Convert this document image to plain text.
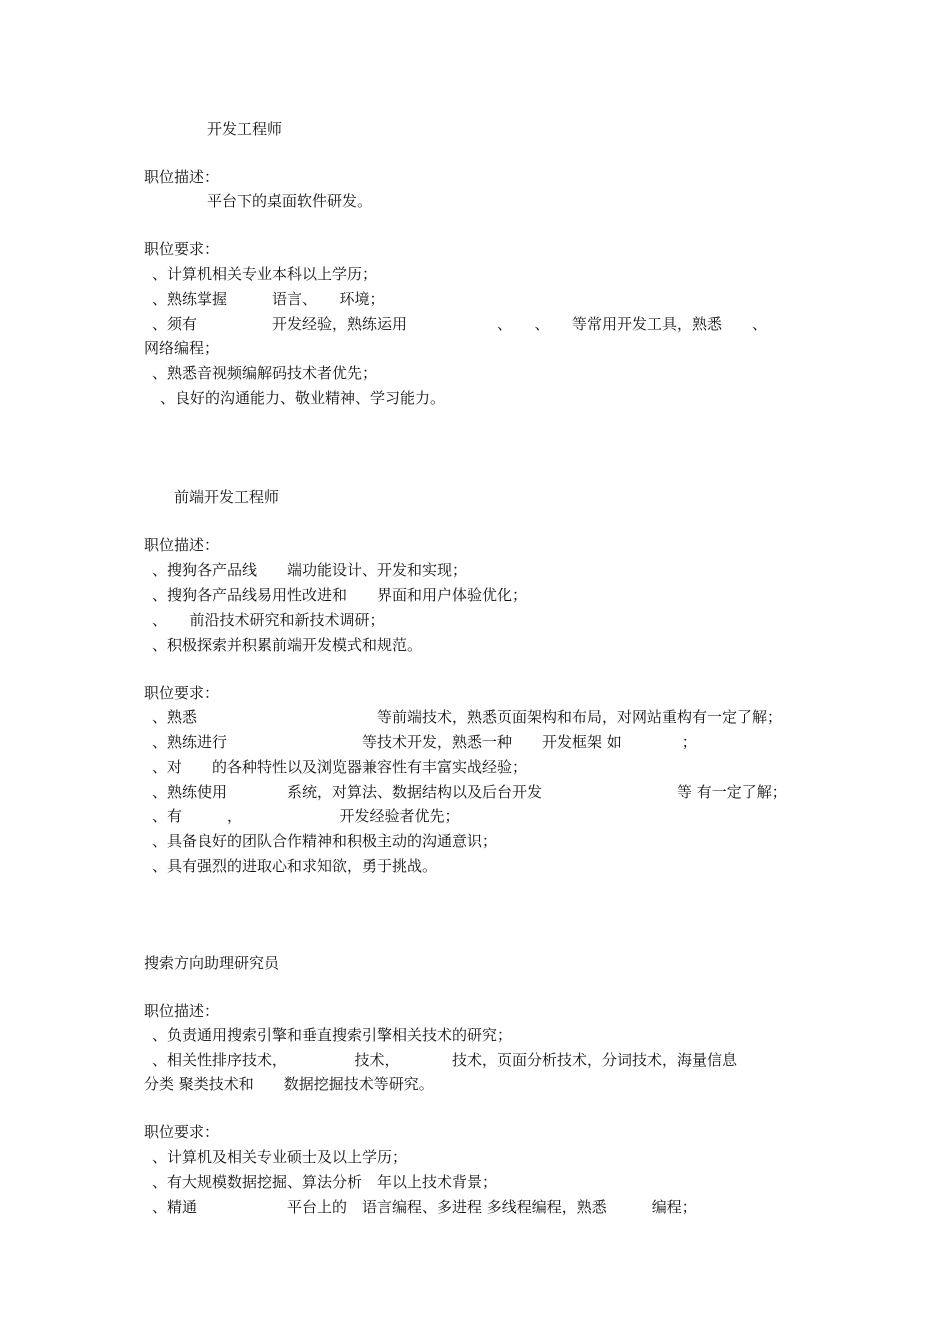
开发工程师

职位描述：

平台下的桌面软件研发。

职位要求：

、计算机相关专业本科以上学历；

、熟练掌握　　　语言、　　环境；

、须有　　　　　开发经验，熟练运用　　　　　　、　　、　　等常用开发工具，熟悉　　、

网络编程；

、熟悉音视频编解码技术者优先；

、良好的沟通能力、敬业精神、学习能力。

前端开发工程师

职位描述：

、搜狗各产品线　　端功能设计、开发和实现；

、搜狗各产品线易用性改进和　　界面和用户体验优化；

、　　前沿技术研究和新技术调研；

、积极探索并积累前端开发模式和规范。

职位要求：

、熟悉　　　　　　　　　　　　等前端技术，熟悉页面架构和布局，对网站重构有一定了解；

、熟练进行　　　　　　　　　等技术开发，熟悉一种　　开发框架 如　　　　；

、对　　的各种特性以及浏览器兼容性有丰富实战经验；

、熟练使用　　　　系统，对算法、数据结构以及后台开发　　　　　　　　　等 有一定了解；

、有　　　，　　　　　　　开发经验者优先；

、具备良好的团队合作精神和积极主动的沟通意识；

、具有强烈的进取心和求知欲，勇于挑战。

搜索方向助理研究员

职位描述：

、负责通用搜索引擎和垂直搜索引擎相关技术的研究；

、相关性排序技术，　　　　　技术，　　　　技术，页面分析技术，分词技术，海量信息

分类 聚类技术和　　数据挖掘技术等研究。

职位要求：

、计算机及相关专业硕士及以上学历；

、有大规模数据挖掘、算法分析　年以上技术背景；

、精通　　　　　　平台上的　语言编程、多进程 多线程编程，熟悉　　　编程；
